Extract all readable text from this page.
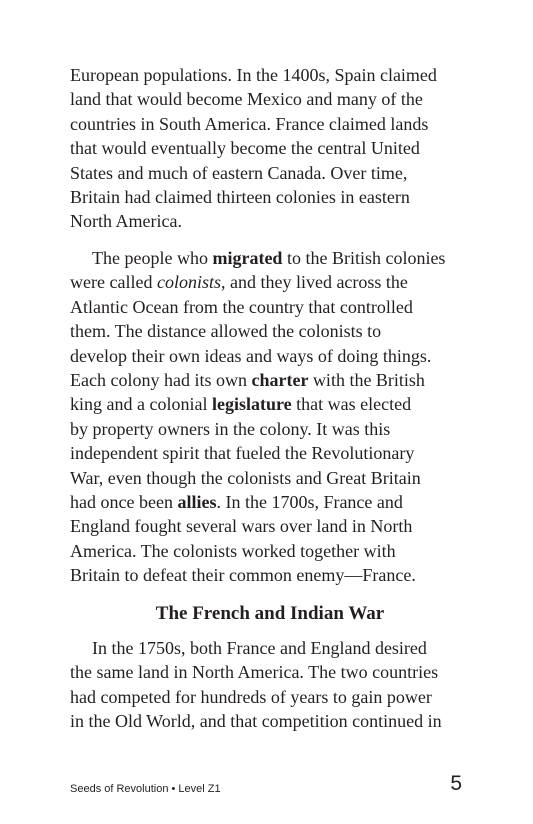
European populations. In the 1400s, Spain claimed
land that would become Mexico and many of the
countries in South America. France claimed lands
that would eventually become the central United
States and much of eastern Canada. Over time,
Britain had claimed thirteen colonies in eastern
North America.

The people who migrated to the British colonies
were called colonists, and they lived across the
Atlantic Ocean from the country that controlled
them. The distance allowed the colonists to
develop their own ideas and ways of doing things.
Each colony had its own charter with the British
king and a colonial legislature that was elected
by property owners in the colony. It was this
independent spirit that fueled the Revolutionary
War, even though the colonists and Great Britain
had once been allies. In the 1700s, France and
England fought several wars over land in North
America. The colonists worked together with
Britain to defeat their common enemy—France.

The French and Indian War

In the 1750s, both France and England desired
the same land in North America. The two countries
had competed for hundreds of years to gain power
in the Old World, and that competition continued in

Seeds of Revolution • Level Z1	5
